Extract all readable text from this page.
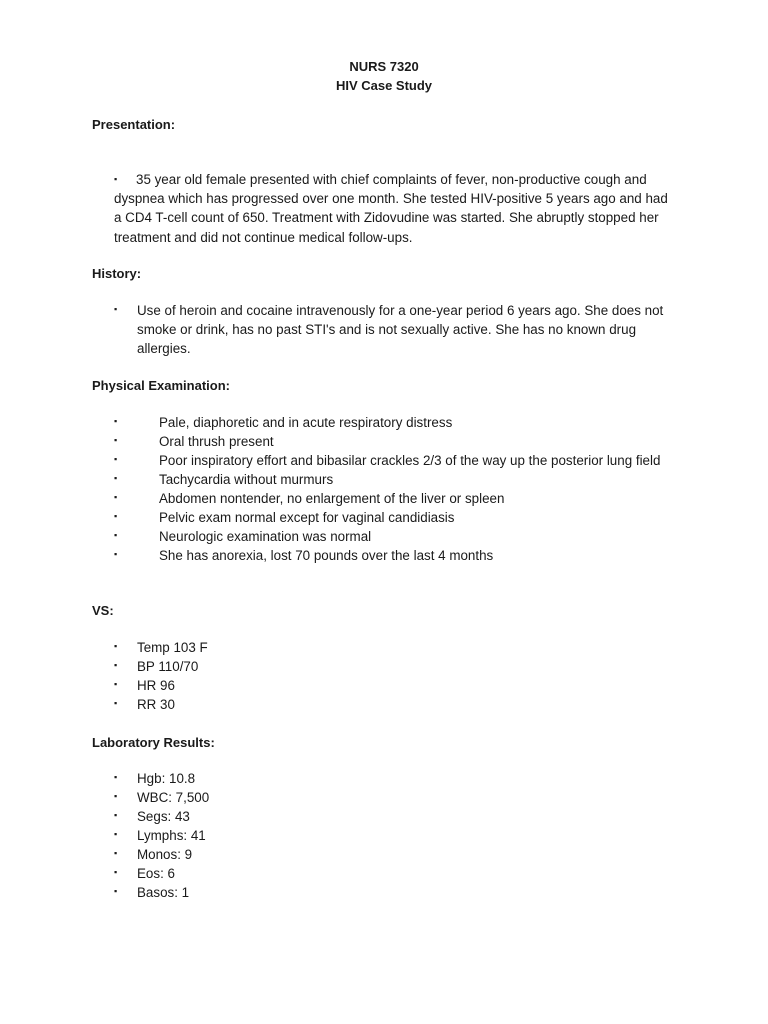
NURS 7320
HIV Case Study
Presentation:

▪ 35 year old female presented with chief complaints of fever, non-productive cough and dyspnea which has progressed over one month. She tested HIV-positive 5 years ago and had a CD4 T-cell count of 650. Treatment with Zidovudine was started. She abruptly stopped her treatment and did not continue medical follow-ups.

History:
▪ Use of heroin and cocaine intravenously for a one-year period 6 years ago. She does not smoke or drink, has no past STI's and is not sexually active. She has no known drug allergies.
Physical Examination:
▪	Pale, diaphoretic and in acute respiratory distress
▪	Oral thrush present
▪	Poor inspiratory effort and bibasilar crackles 2/3 of the way up the posterior lung field
▪	Tachycardia without murmurs
▪	Abdomen nontender, no enlargement of the liver or spleen
▪	Pelvic exam normal except for vaginal candidiasis
▪	Neurologic examination was normal
▪	She has anorexia, lost 70 pounds over the last 4 months
VS:
▪ Temp 103 F
▪ BP 110/70
▪ HR 96
▪ RR 30
Laboratory Results:
▪ Hgb: 10.8
▪ WBC: 7,500
▪ Segs: 43
▪ Lymphs: 41
▪ Monos: 9
▪ Eos: 6
▪ Basos: 1
